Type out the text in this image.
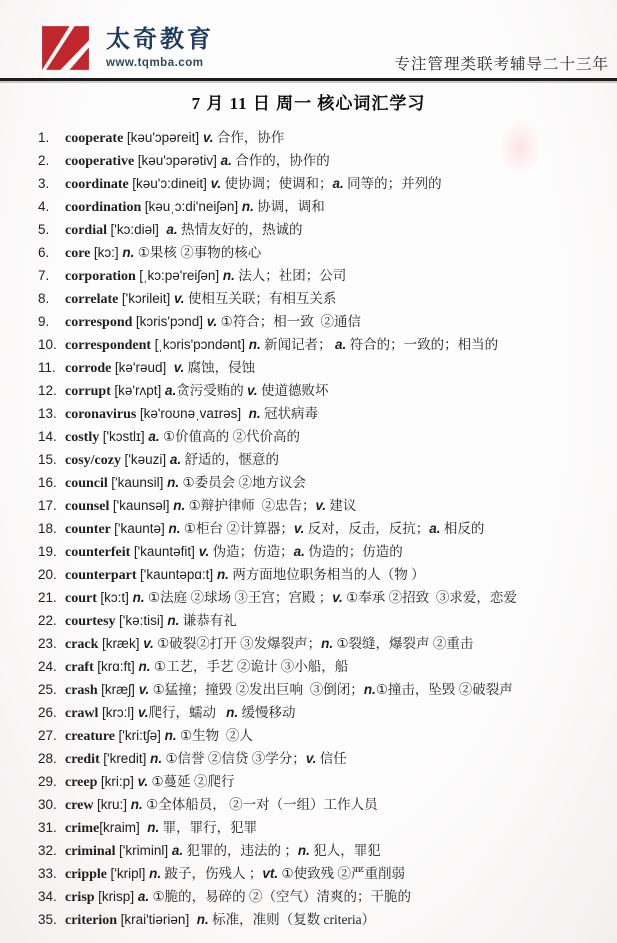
太奇教育
www.tqmba.com	专注管理类联考辅导二十三年
7 月 11 日 周一 核心词汇学习
1. cooperate [kəu'ɔpəreit] v. 合作，协作
2. cooperative [kəu'ɔpərətiv] a. 合作的，协作的
3. coordinate [kəu'ɔ:dineit] v. 使协调；使调和；a. 同等的；并列的
4. coordination [kəuˌɔ:di'neiʃən] n. 协调，调和
5. cordial ['kɔ:diəl]  a. 热情友好的，热诚的
6. core [kɔ:] n. ①果核 ②事物的核心
7. corporation [ˌkɔ:pə'reiʃən] n. 法人；社团；公司
8. correlate ['kɔrileit] v. 使相互关联；有相互关系
9. correspond [kɔris'pɔnd] v. ①符合；相一致  ②通信
10. correspondent [ˌkɔris'pɔndənt] n. 新闻记者； a. 符合的；一致的；相当的
11. corrode [kə'rəud]  v. 腐蚀，侵蚀
12. corrupt [kə'rʌpt] a.贪污受贿的 v. 使道德败坏
13. coronavirus [kə'roʊnəˌvaɪrəs]  n. 冠状病毒
14. costly ['kɔstlɪ] a. ①价值高的 ②代价高的
15. cosy/cozy ['kəuzi] a. 舒适的，惬意的
16. council ['kaunsil] n. ①委员会 ②地方议会
17. counsel ['kaunsəl] n. ①辩护律师  ②忠告；v. 建议
18. counter ['kauntə] n. ①柜台 ②计算器；v. 反对，反击，反抗；a. 相反的
19. counterfeit ['kauntəfit] v. 伪造；仿造；a. 伪造的；仿造的
20. counterpart ['kauntəpɑ:t] n. 两方面地位职务相当的人（物 ）
21. court [kɔ:t] n. ①法庭 ②球场 ③王宫；宫殿 ；v. ①奉承 ②招致  ③求爱，恋爱
22. courtesy ['kə:tisi] n. 谦恭有礼
23. crack [kræk] v. ①破裂②打开 ③发爆裂声；n. ①裂缝，爆裂声 ②重击
24. craft [krɑ:ft] n. ①工艺，手艺 ②诡计 ③小船，船
25. crash [kræʃ] v. ①猛撞；撞毁 ②发出巨响  ③倒闭；n.①撞击，坠毁 ②破裂声
26. crawl [krɔ:l] v.爬行，蠕动   n. 缓慢移动
27. creature ['kri:tʃə] n. ①生物  ②人
28. credit ['kredit] n. ①信誉 ②信贷 ③学分；v. 信任
29. creep [kri:p] v. ①蔓延 ②爬行
30. crew [kru:] n. ①全体船员， ②一对（一组）工作人员
31. crime[kraim]  n. 罪，罪行，犯罪
32. criminal ['kriminl] a. 犯罪的，违法的 ；n. 犯人，罪犯
33. cripple ['kripl] n. 跛子，伤残人 ；vt. ①使致残 ②严重削弱
34. crisp [krisp] a. ①脆的，易碎的 ②（空气）清爽的；干脆的
35. criterion [krai'tiəriən]  n. 标准，准则（复数 criteria）
